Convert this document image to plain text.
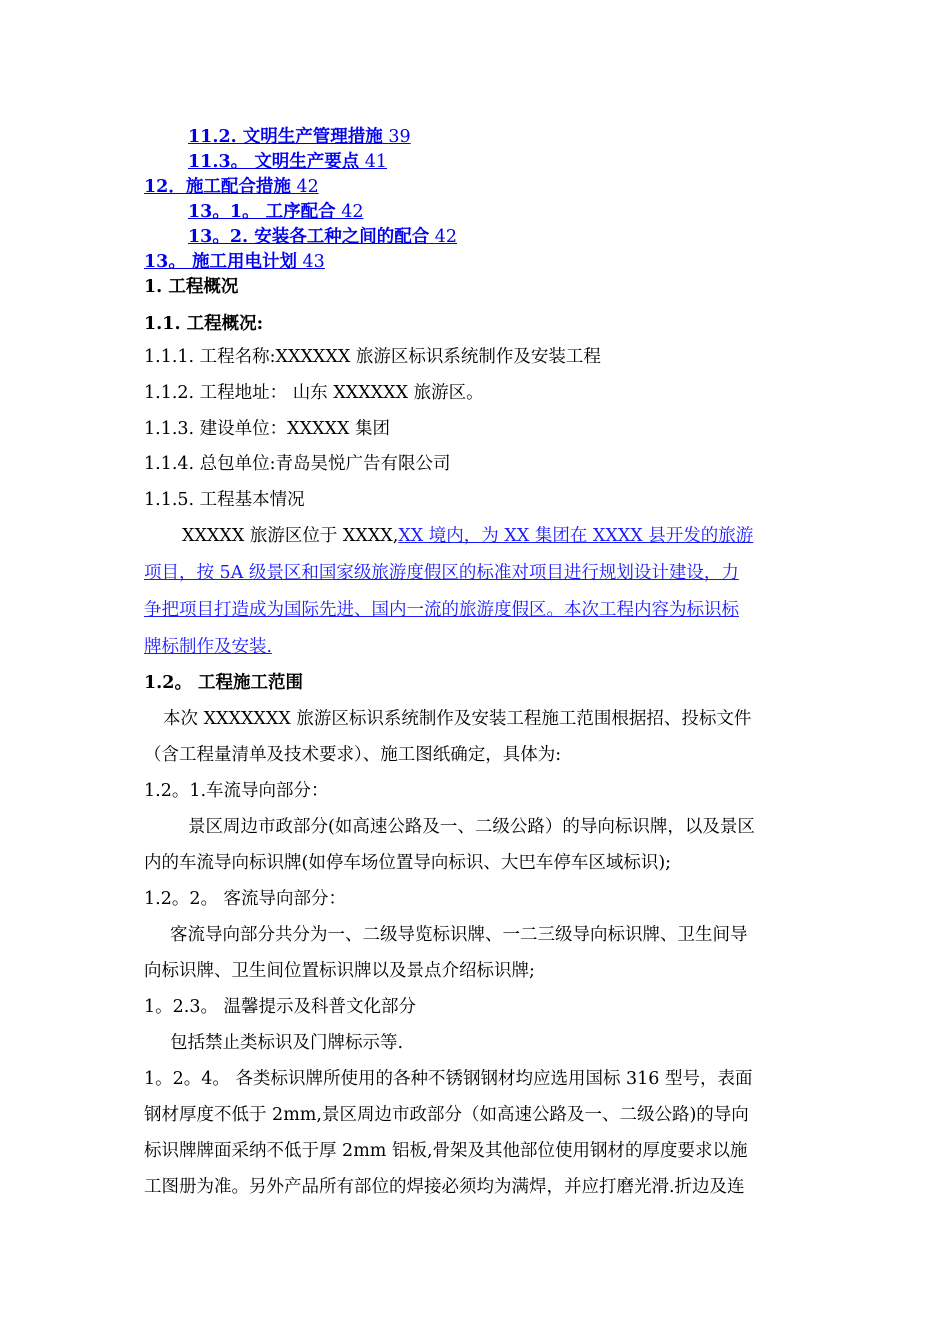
11.2. 文明生产管理措施 39
11.3。 文明生产要点 41
12．施工配合措施 42
13。1。 工序配合 42
13。2. 安装各工种之间的配合 42
13。 施工用电计划 43
1. 工程概况
1.1. 工程概况:
1.1.1. 工程名称:XXXXXX 旅游区标识系统制作及安装工程
1.1.2. 工程地址： 山东 XXXXXX 旅游区。
1.1.3. 建设单位：XXXXX 集团
1.1.4. 总包单位:青岛昊悦广告有限公司
1.1.5. 工程基本情况
XXXXX 旅游区位于 XXXX,XX 境内，为 XX 集团在 XXXX 县开发的旅游
项目，按 5A 级景区和国家级旅游度假区的标准对项目进行规划设计建设，力
争把项目打造成为国际先进、国内一流的旅游度假区。本次工程内容为标识标
牌标制作及安装.
1.2。 工程施工范围
本次 XXXXXXX 旅游区标识系统制作及安装工程施工范围根据招、投标文件
（含工程量清单及技术要求）、施工图纸确定，具体为:
1.2。1.车流导向部分：
景区周边市政部分(如高速公路及一、二级公路）的导向标识牌，以及景区
内的车流导向标识牌(如停车场位置导向标识、大巴车停车区域标识);
1.2。2。 客流导向部分：
客流导向部分共分为一、二级导览标识牌、一二三级导向标识牌、卫生间导
向标识牌、卫生间位置标识牌以及景点介绍标识牌;
1。2.3。 温馨提示及科普文化部分
包括禁止类标识及门牌标示等.
1。2。4。 各类标识牌所使用的各种不锈钢钢材均应选用国标 316 型号，表面
钢材厚度不低于 2mm,景区周边市政部分（如高速公路及一、二级公路)的导向
标识牌牌面采纳不低于厚 2mm 铝板,骨架及其他部位使用钢材的厚度要求以施
工图册为准。另外产品所有部位的焊接必须均为满焊，并应打磨光滑.折边及连
